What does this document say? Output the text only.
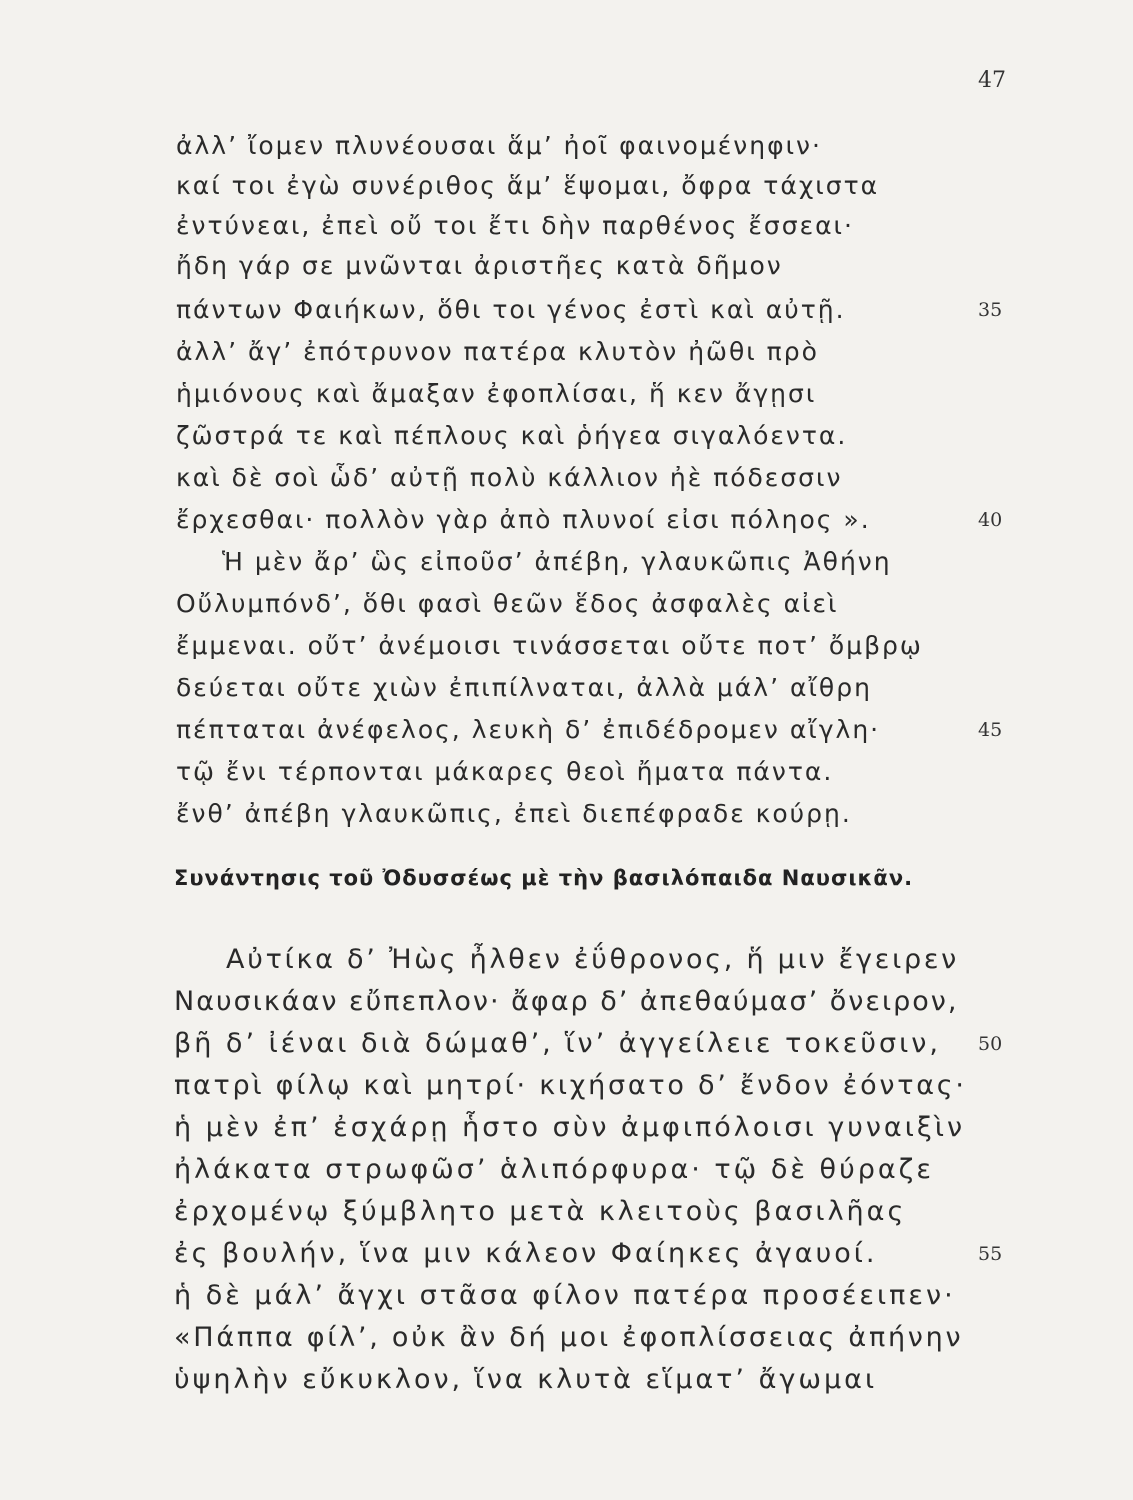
47
ἀλλ’ ἴομεν πλυνέουσαι ἅμ’ ἠοῖ φαινομένηφιν·
καί τοι ἐγὼ συνέριθος ἅμ’ ἕψομαι, ὄφρα τάχιστα
ἐντύνεαι, ἐπεὶ οὔ τοι ἔτι δὴν παρθένος ἔσσεαι·
ἤδη γάρ σε μνῶνται ἀριστῆες κατὰ δῆμον
πάντων Φαιήκων, ὅθι τοι γένος ἐστὶ καὶ αὐτῇ.	35
ἀλλ’ ἄγ’ ἐπότρυνον πατέρα κλυτὸν ἠῶθι πρὸ
ἡμιόνους καὶ ἄμαξαν ἐφοπλίσαι, ἥ κεν ἄγῃσι
ζῶστρά τε καὶ πέπλους καὶ ῥήγεα σιγαλόεντα.
καὶ δὲ σοὶ ὧδ’ αὐτῇ πολὺ κάλλιον ἠὲ πόδεσσιν
ἔρχεσθαι· πολλὸν γὰρ ἀπὸ πλυνοί εἰσι πόληος ».	40
Ἡ μὲν ἄρ’ ὣς εἰποῦσ’ ἀπέβη, γλαυκῶπις Ἀθήνη
Οὔλυμπόνδ’, ὅθι φασὶ θεῶν ἕδος ἀσφαλὲς αἰεὶ
ἔμμεναι. οὔτ’ ἀνέμοισι τινάσσεται οὔτε ποτ’ ὄμβρῳ
δεύεται οὔτε χιὼν ἐπιπίλναται, ἀλλὰ μάλ’ αἴθρη
πέπταται ἀνέφελος, λευκὴ δ’ ἐπιδέδρομεν αἴγλη·	45
τῷ ἔνι τέρπονται μάκαρες θεοὶ ἤματα πάντα.
ἔνθ’ ἀπέβη γλαυκῶπις, ἐπεὶ διεπέφραδε κούρῃ.
Συνάντησις τοῦ Ὀδυσσέως μὲ τὴν βασιλόπαιδα Ναυσικᾶν.
Αὐτίκα δ’ Ἠὼς ἦλθεν ἐΰθρονος, ἥ μιν ἔγειρεν
Ναυσικάαν εὔπεπλον· ἄφαρ δ’ ἀπεθαύμασ’ ὄνειρον,
βῆ δ’ ἰέναι διὰ δώμαθ’, ἵν’ ἀγγείλειε τοκεῦσιν, 50
πατρὶ φίλῳ καὶ μητρί· κιχήσατο δ’ ἔνδον ἐόντας·
ἡ μὲν ἐπ’ ἐσχάρῃ ἧστο σὺν ἀμφιπόλοισι γυναιξὶν
ἠλάκατα στρωφῶσ’ ἁλιπόρφυρα· τῷ δὲ θύραζε
ἐρχομένῳ ξύμβλητο μετὰ κλειτοὺς βασιλῆας
ἐς βουλήν, ἵνα μιν κάλεον Φαίηκες ἀγαυοί.	55
ἡ δὲ μάλ’ ἄγχι στᾶσα φίλον πατέρα προσέειπεν·
«Πάππα φίλ’, οὐκ ἂν δή μοι ἐφοπλίσσειας ἀπήνην
ὑψηλὴν εὔκυκλον, ἵνα κλυτὰ εἵματ’ ἄγωμαι
